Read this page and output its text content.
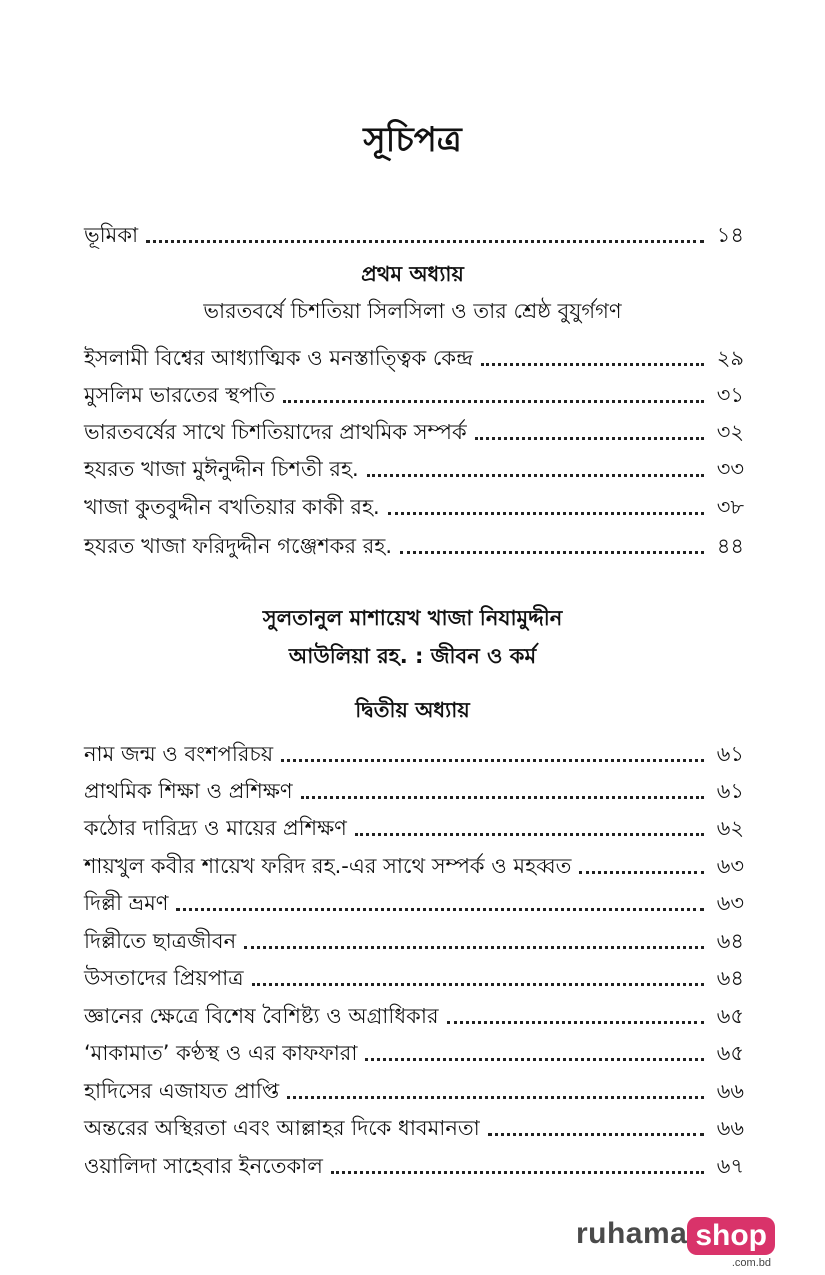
সূচিপত্র
ভূমিকা	১৪
প্রথম অধ্যায়
ভারতবর্ষে চিশতিয়া সিলসিলা ও তার শ্রেষ্ঠ বুযুর্গগণ
ইসলামী বিশ্বের আধ্যাত্মিক ও মনস্তাত্ত্বিক কেন্দ্র	২৯
মুসলিম ভারতের স্থপতি	৩১
ভারতবর্ষের সাথে চিশতিয়াদের প্রাথমিক সম্পর্ক	৩২
হযরত খাজা মুঈনুদ্দীন চিশতী রহ.	৩৩
খাজা কুতবুদ্দীন বখতিয়ার কাকী রহ.	৩৮
হযরত খাজা ফরিদুদ্দীন গঞ্জেশকর রহ.	৪৪
সুলতানুল মাশায়েখ খাজা নিযামুদ্দীন
আউলিয়া রহ. : জীবন ও কর্ম
দ্বিতীয় অধ্যায়
নাম জন্ম ও বংশপরিচয়	৬১
প্রাথমিক শিক্ষা ও প্রশিক্ষণ	৬১
কঠোর দারিদ্র্য ও মায়ের প্রশিক্ষণ	৬২
শায়খুল কবীর শায়েখ ফরিদ রহ.-এর সাথে সম্পর্ক ও মহব্বত	৬৩
দিল্লী ভ্রমণ	৬৩
দিল্লীতে ছাত্রজীবন	৬৪
উসতাদের প্রিয়পাত্র	৬৪
জ্ঞানের ক্ষেত্রে বিশেষ বৈশিষ্ট্য ও অগ্রাধিকার	৬৫
‘মাকামাত’ কণ্ঠস্থ ও এর কাফফারা	৬৫
হাদিসের এজাযত প্রাপ্তি	৬৬
অন্তরের অস্থিরতা এবং আল্লাহর দিকে ধাবমানতা	৬৬
ওয়ালিদা সাহেবার ইনতেকাল	৬৭
ruhama shop
.com.bd
